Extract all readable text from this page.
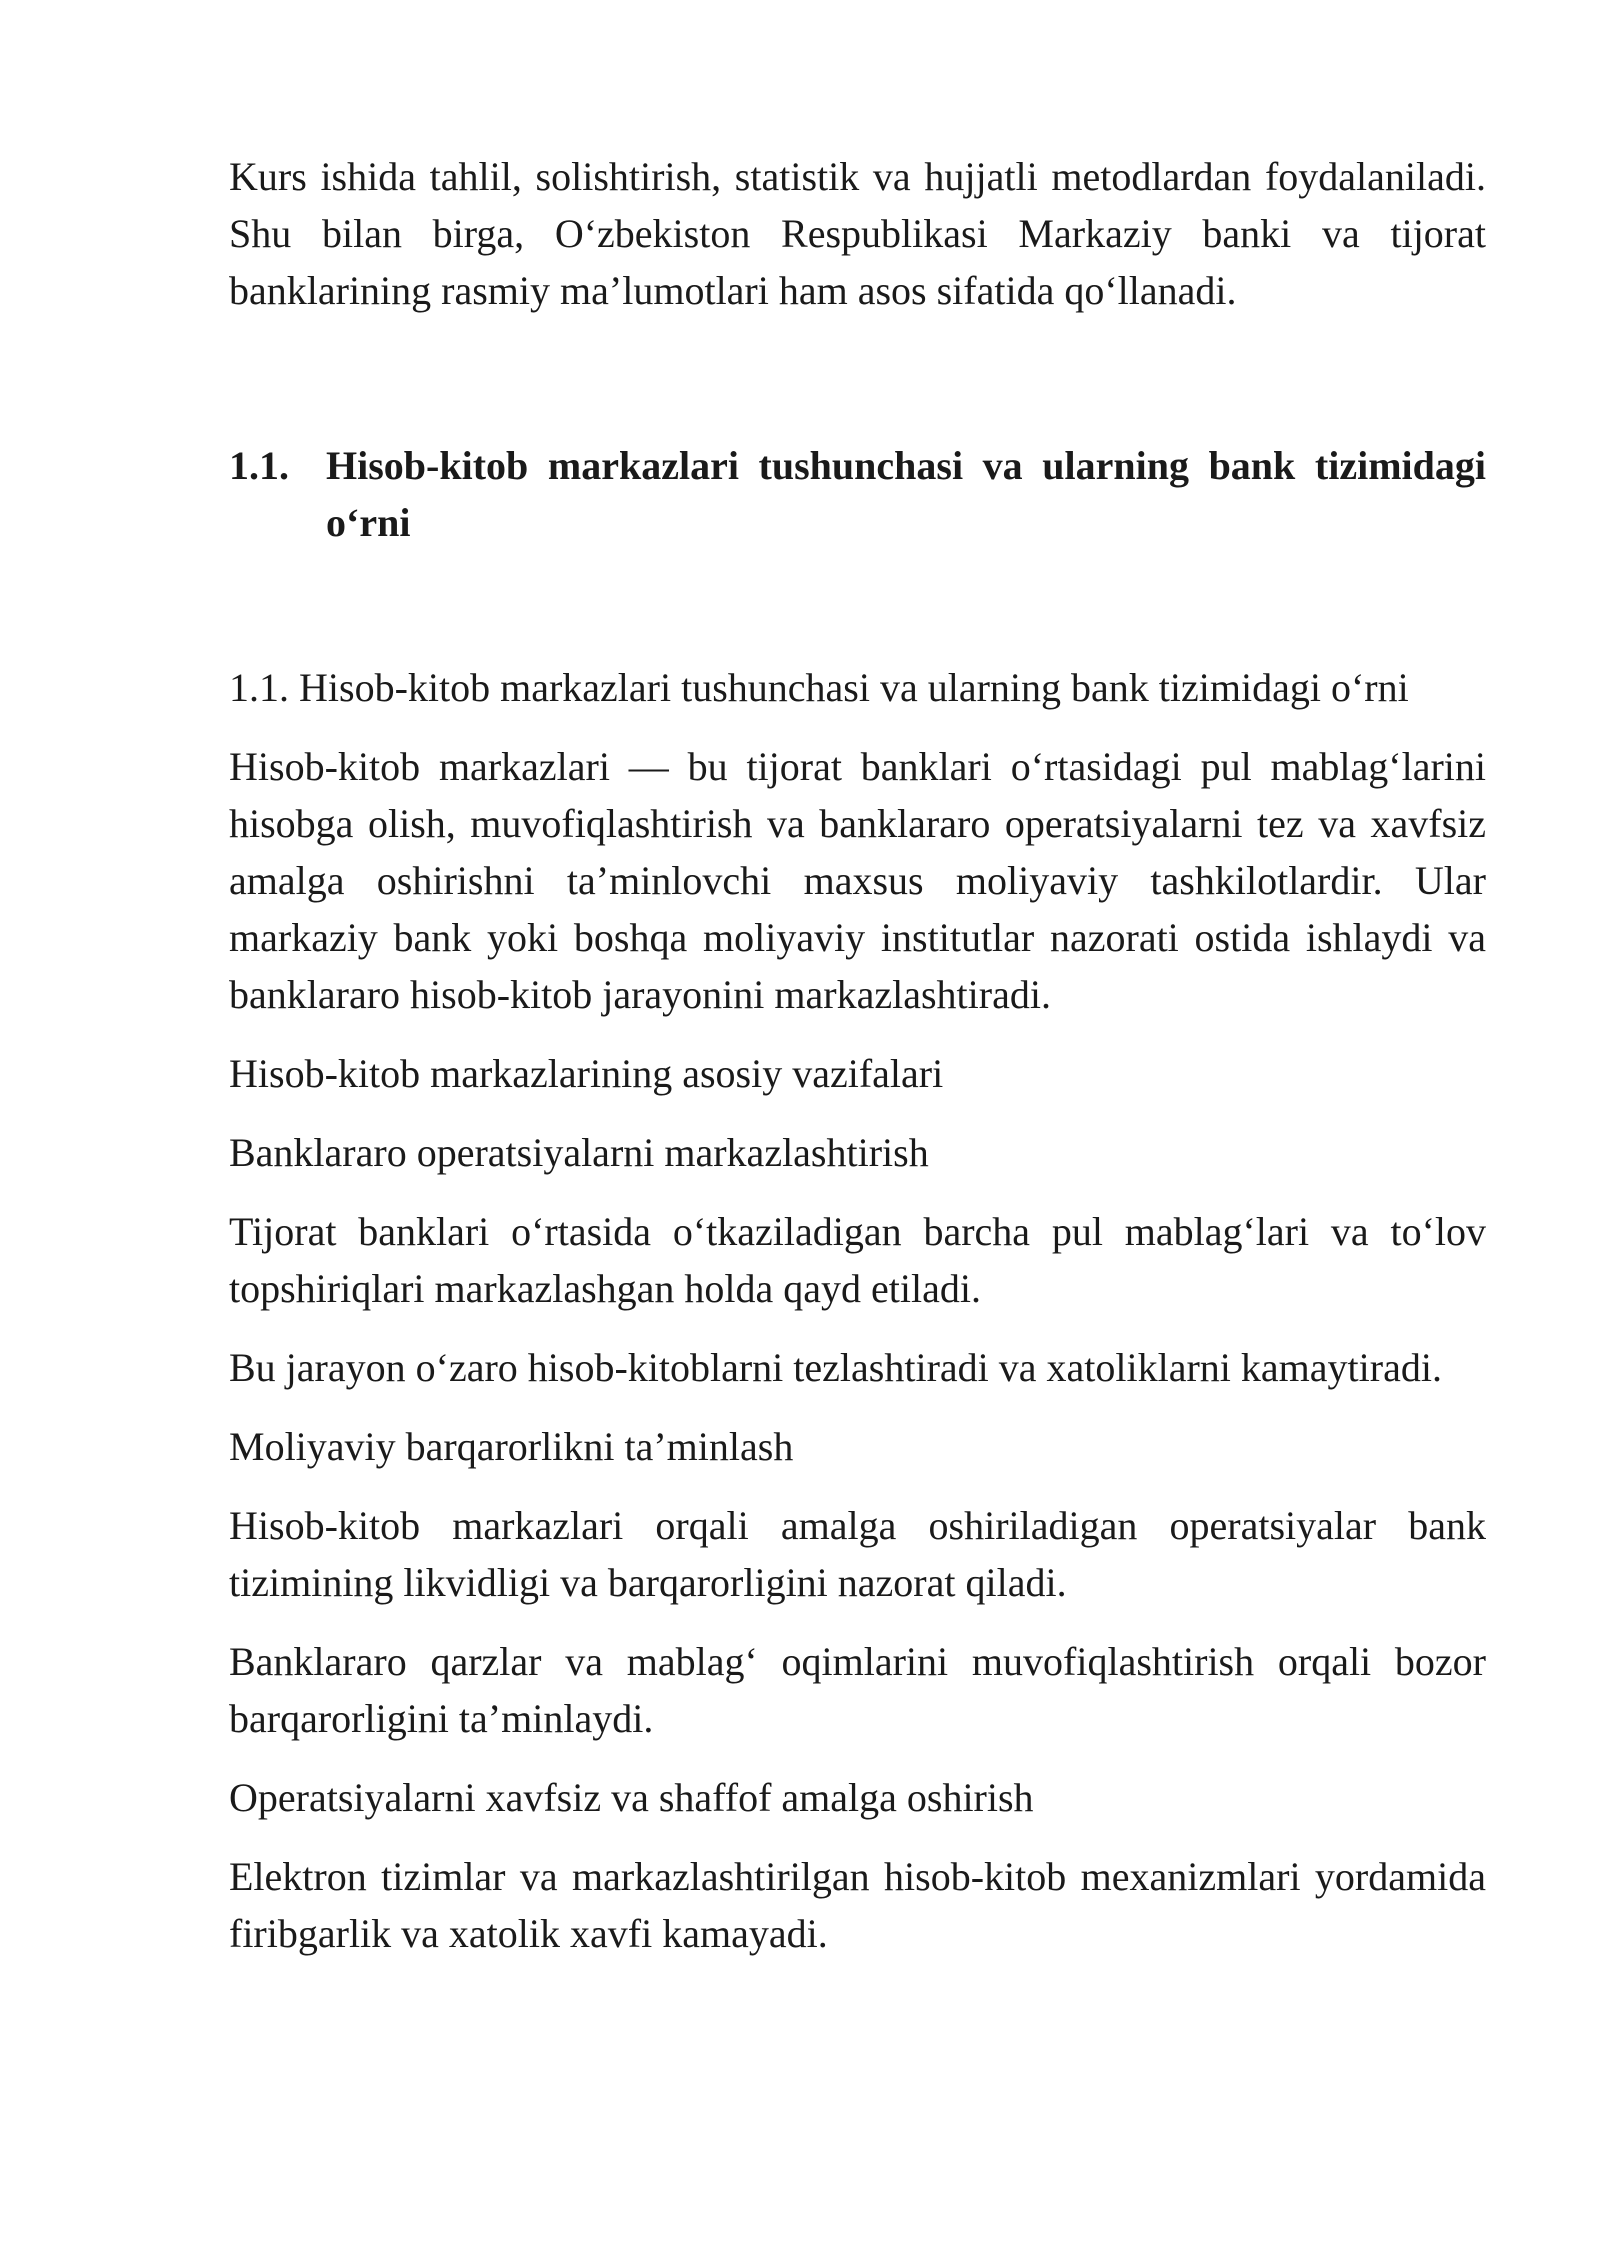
Kurs ishida tahlil, solishtirish, statistik va hujjatli metodlardan foydalaniladi. Shu bilan birga, O‘zbekiston Respublikasi Markaziy banki va tijorat banklarining rasmiy ma’lumotlari ham asos sifatida qo‘llanadi.

1.1. Hisob-kitob markazlari tushunchasi va ularning bank tizimidagi o‘rni

1.1. Hisob-kitob markazlari tushunchasi va ularning bank tizimidagi o‘rni

Hisob-kitob markazlari — bu tijorat banklari o‘rtasidagi pul mablag‘larini hisobga olish, muvofiqlashtirish va banklararo operatsiyalarni tez va xavfsiz amalga oshirishni ta’minlovchi maxsus moliyaviy tashkilotlardir. Ular markaziy bank yoki boshqa moliyaviy institutlar nazorati ostida ishlaydi va banklararo hisob-kitob jarayonini markazlashtiradi.

Hisob-kitob markazlarining asosiy vazifalari

Banklararo operatsiyalarni markazlashtirish

Tijorat banklari o‘rtasida o‘tkaziladigan barcha pul mablag‘lari va to‘lov topshiriqlari markazlashgan holda qayd etiladi.

Bu jarayon o‘zaro hisob-kitoblarni tezlashtiradi va xatoliklarni kamaytiradi.

Moliyaviy barqarorlikni ta’minlash

Hisob-kitob markazlari orqali amalga oshiriladigan operatsiyalar bank tizimining likvidligi va barqarorligini nazorat qiladi.

Banklararo qarzlar va mablag‘ oqimlarini muvofiqlashtirish orqali bozor barqarorligini ta’minlaydi.

Operatsiyalarni xavfsiz va shaffof amalga oshirish

Elektron tizimlar va markazlashtirilgan hisob-kitob mexanizmlari yordamida firibgarlik va xatolik xavfi kamayadi.
